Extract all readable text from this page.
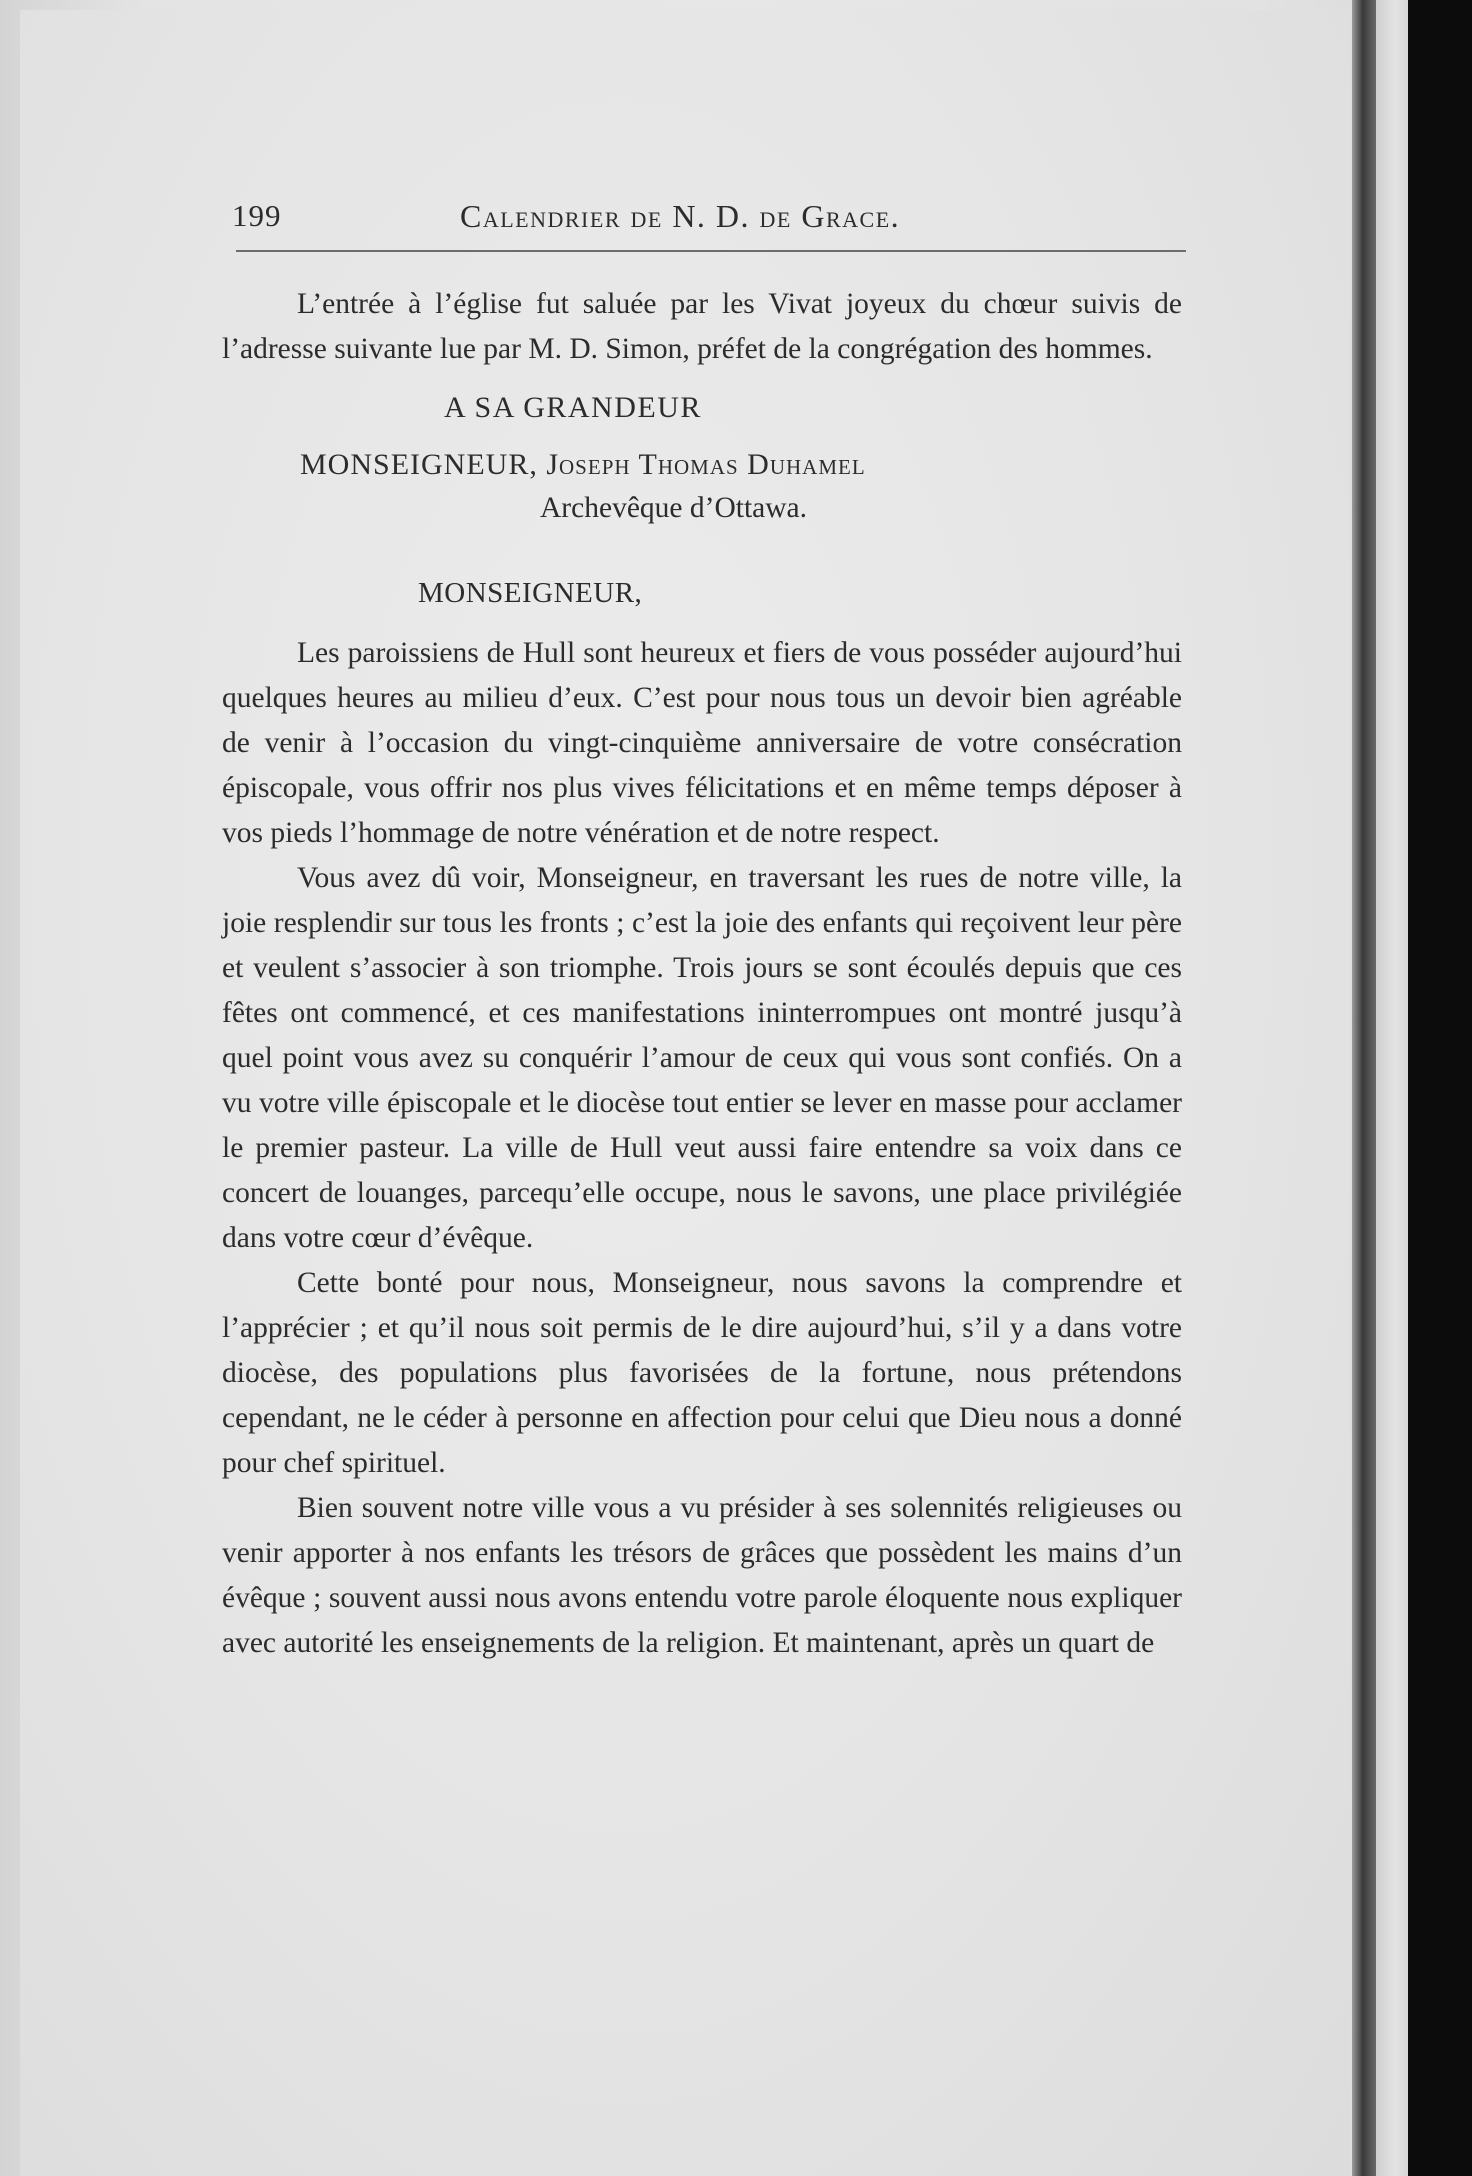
199	Calendrier de N. D. de Grace.

L’entrée à l’église fut saluée par les Vivat joyeux du chœur suivis de l’adresse suivante lue par M. D. Simon, préfet de la congrégation des hommes.

A SA GRANDEUR
MONSEIGNEUR, Joseph Thomas Duhamel
Archevêque d’Ottawa.
MONSEIGNEUR,

Les paroissiens de Hull sont heureux et fiers de vous posséder aujourd’hui quelques heures au milieu d’eux. C’est pour nous tous un devoir bien agréable de venir à l’occasion du vingt-cinquième anniversaire de votre consécration épiscopale, vous offrir nos plus vives félicitations et en même temps déposer à vos pieds l’hommage de notre vénération et de notre respect.

Vous avez dû voir, Monseigneur, en traversant les rues de notre ville, la joie resplendir sur tous les fronts ; c’est la joie des enfants qui reçoivent leur père et veulent s’associer à son triomphe. Trois jours se sont écoulés depuis que ces fêtes ont commencé, et ces manifestations ininterrompues ont montré jusqu’à quel point vous avez su conquérir l’amour de ceux qui vous sont confiés. On a vu votre ville épiscopale et le diocèse tout entier se lever en masse pour acclamer le premier pasteur. La ville de Hull veut aussi faire entendre sa voix dans ce concert de louanges, parcequ’elle occupe, nous le savons, une place privilégiée dans votre cœur d’évêque.

Cette bonté pour nous, Monseigneur, nous savons la comprendre et l’apprécier ; et qu’il nous soit permis de le dire aujourd’hui, s’il y a dans votre diocèse, des populations plus favorisées de la fortune, nous prétendons cependant, ne le céder à personne en affection pour celui que Dieu nous a donné pour chef spirituel.

Bien souvent notre ville vous a vu présider à ses solennités religieuses ou venir apporter à nos enfants les trésors de grâces que possèdent les mains d’un évêque ; souvent aussi nous avons entendu votre parole éloquente nous expliquer avec autorité les enseignements de la religion. Et maintenant, après un quart de
